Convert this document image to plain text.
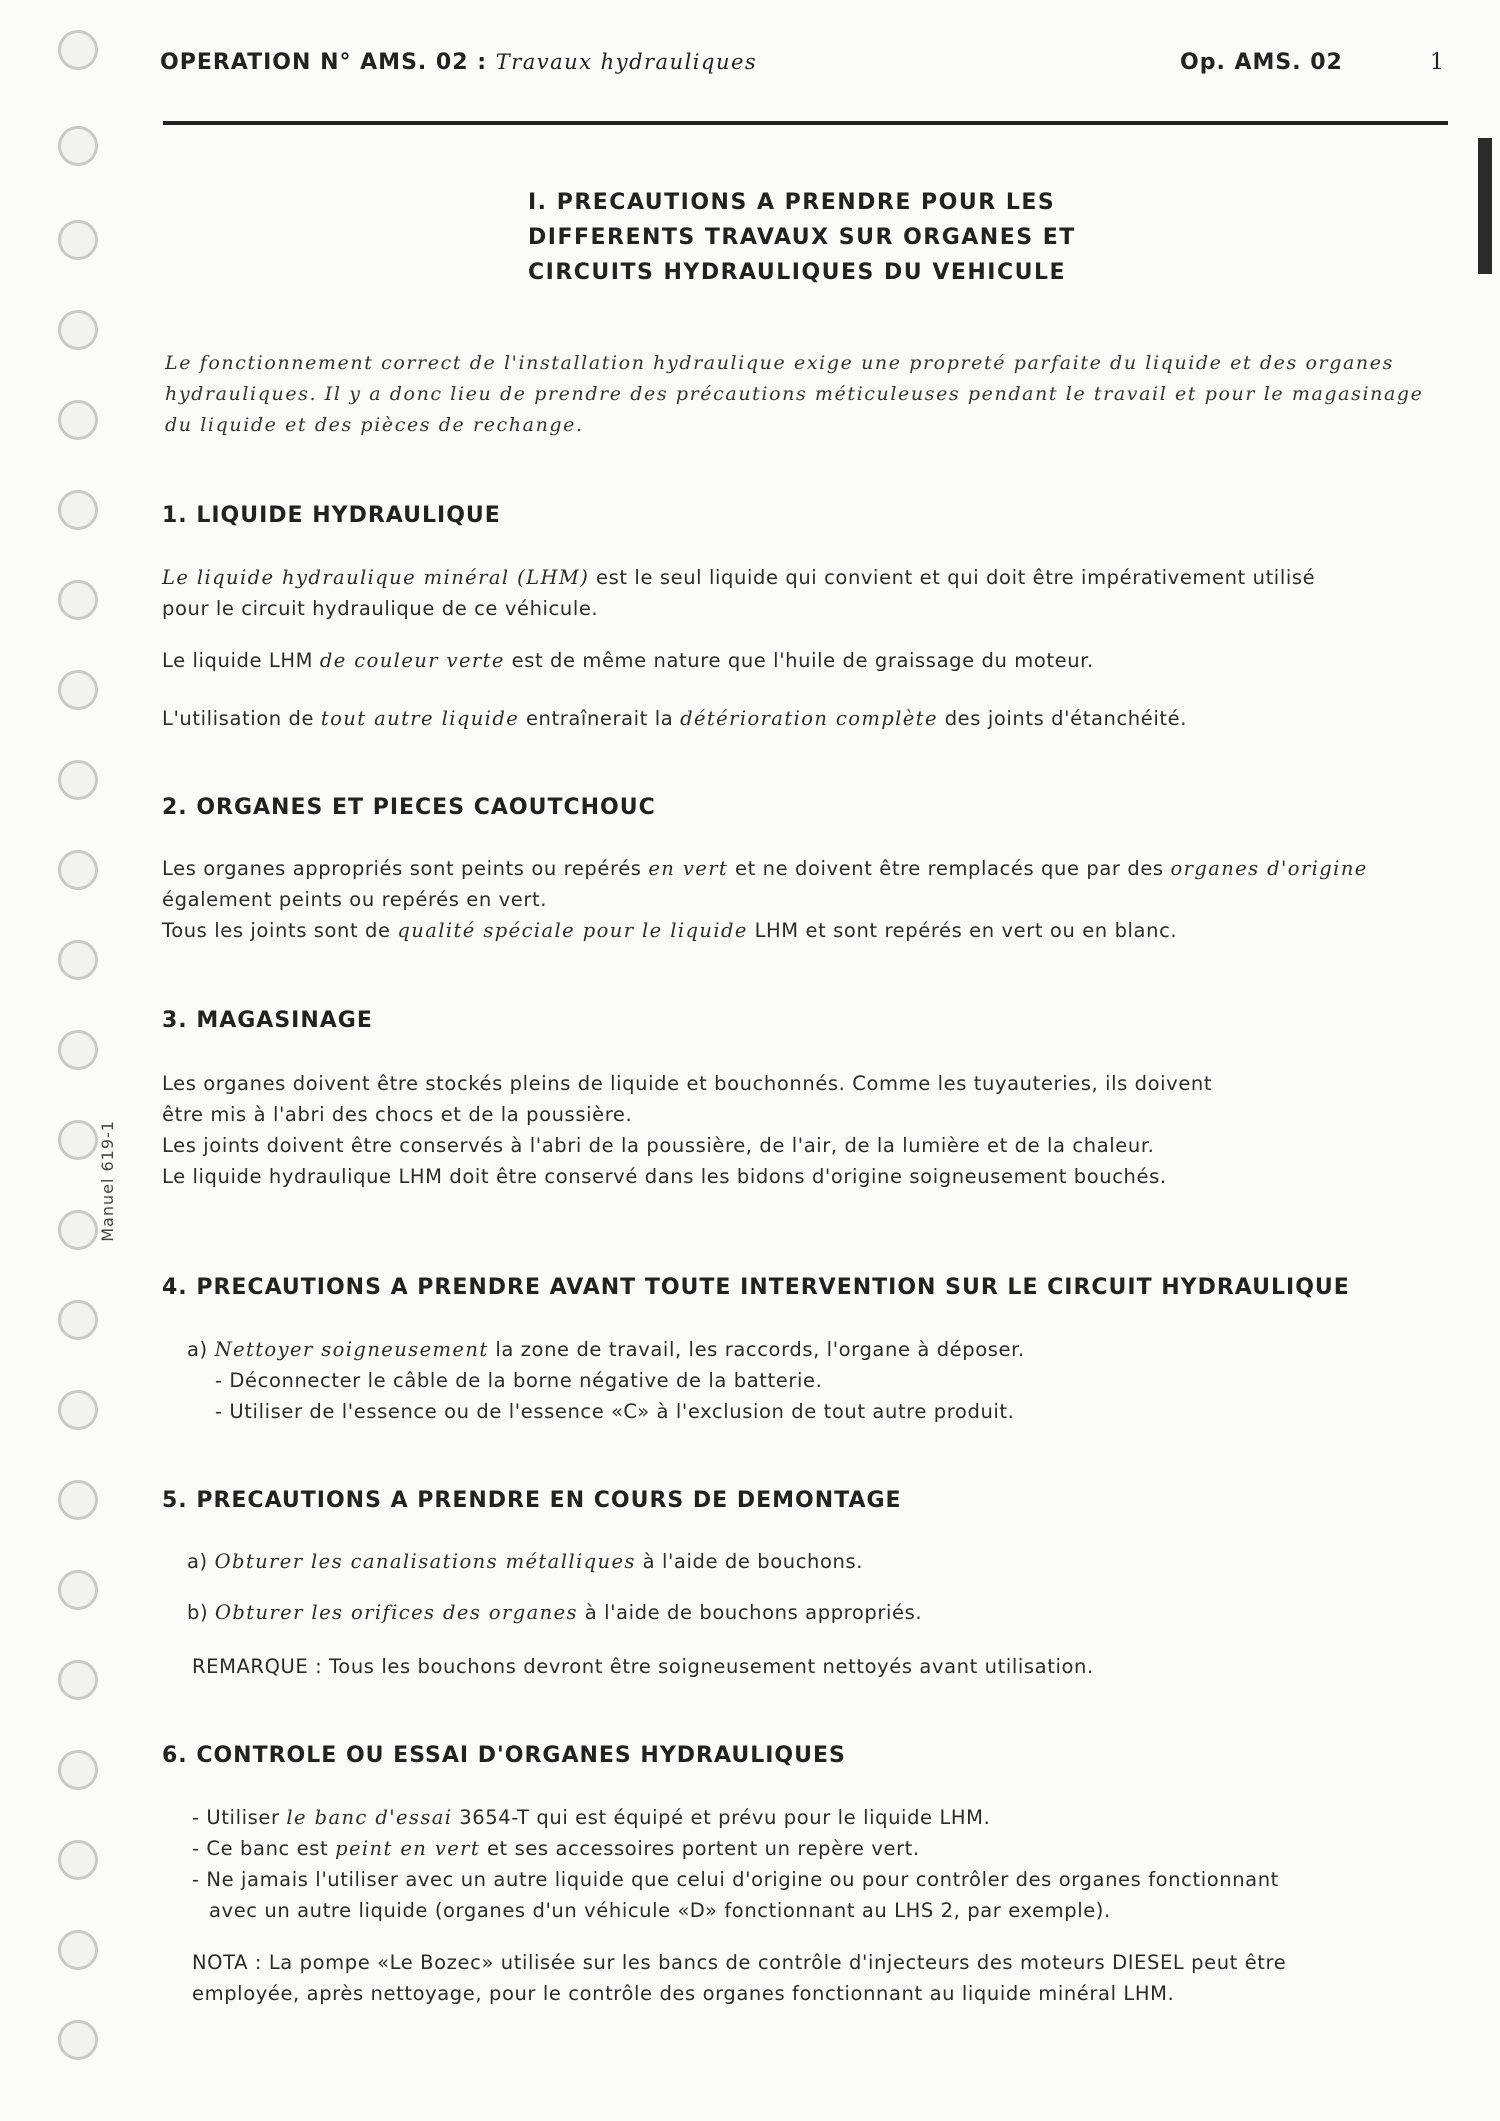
Manuel 619-1
OPERATION N° AMS. 02 : Travaux hydrauliques	Op. AMS. 02	1
I. PRECAUTIONS A PRENDRE POUR LES
DIFFERENTS TRAVAUX SUR ORGANES ET
CIRCUITS HYDRAULIQUES DU VEHICULE
Le fonctionnement correct de l'installation hydraulique exige une propreté parfaite du liquide et des organes
hydrauliques. Il y a donc lieu de prendre des précautions méticuleuses pendant le travail et pour le magasinage
du liquide et des pièces de rechange.
1. LIQUIDE HYDRAULIQUE
Le liquide hydraulique minéral (LHM) est le seul liquide qui convient et qui doit être impérativement utilisé
pour le circuit hydraulique de ce véhicule.
Le liquide LHM de couleur verte est de même nature que l'huile de graissage du moteur.
L'utilisation de tout autre liquide entraînerait la détérioration complète des joints d'étanchéité.
2. ORGANES ET PIECES CAOUTCHOUC
Les organes appropriés sont peints ou repérés en vert et ne doivent être remplacés que par des organes d'origine
également peints ou repérés en vert.
Tous les joints sont de qualité spéciale pour le liquide LHM et sont repérés en vert ou en blanc.
3. MAGASINAGE
Les organes doivent être stockés pleins de liquide et bouchonnés. Comme les tuyauteries, ils doivent
être mis à l'abri des chocs et de la poussière.
Les joints doivent être conservés à l'abri de la poussière, de l'air, de la lumière et de la chaleur.
Le liquide hydraulique LHM doit être conservé dans les bidons d'origine soigneusement bouchés.
4. PRECAUTIONS A PRENDRE AVANT TOUTE INTERVENTION SUR LE CIRCUIT HYDRAULIQUE
a) Nettoyer soigneusement la zone de travail, les raccords, l'organe à déposer.
- Déconnecter le câble de la borne négative de la batterie.
- Utiliser de l'essence ou de l'essence «C» à l'exclusion de tout autre produit.
5. PRECAUTIONS A PRENDRE EN COURS DE DEMONTAGE
a) Obturer les canalisations métalliques à l'aide de bouchons.
b) Obturer les orifices des organes à l'aide de bouchons appropriés.
REMARQUE : Tous les bouchons devront être soigneusement nettoyés avant utilisation.
6. CONTROLE OU ESSAI D'ORGANES HYDRAULIQUES
- Utiliser le banc d'essai 3654-T qui est équipé et prévu pour le liquide LHM.
- Ce banc est peint en vert et ses accessoires portent un repère vert.
- Ne jamais l'utiliser avec un autre liquide que celui d'origine ou pour contrôler des organes fonctionnant
avec un autre liquide (organes d'un véhicule «D» fonctionnant au LHS 2, par exemple).
NOTA : La pompe «Le Bozec» utilisée sur les bancs de contrôle d'injecteurs des moteurs DIESEL peut être
employée, après nettoyage, pour le contrôle des organes fonctionnant au liquide minéral LHM.
